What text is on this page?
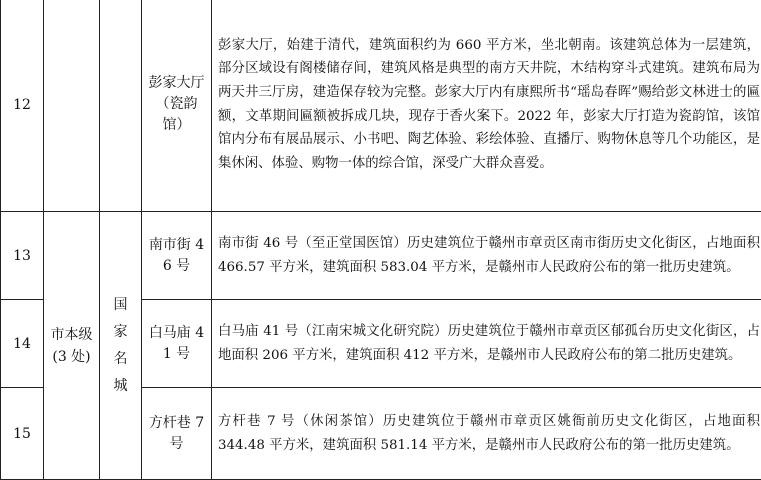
12			彭家大厅（瓷韵馆）	彭家大厅，始建于清代，建筑面积约为 660 平方米，坐北朝南。该建筑总体为一层建筑，部分区域设有阁楼储存间，建筑风格是典型的南方天井院，木结构穿斗式建筑。建筑布局为两天井三厅房，建造保存较为完整。彭家大厅内有康熙所书“瑶岛春晖”赐给彭文林进士的匾额，文革期间匾额被拆成几块，现存于香火案下。2022 年，彭家大厅打造为瓷韵馆，该馆馆内分布有展品展示、小书吧、陶艺体验、彩绘体验、直播厅、购物休息等几个功能区，是集休闲、体验、购物一体的综合馆，深受广大群众喜爱。
13	市本级(3 处)	国家名城	南市街 46 号	南市街 46 号（至正堂国医馆）历史建筑位于赣州市章贡区南市街历史文化街区，占地面积 466.57 平方米，建筑面积 583.04 平方米，是赣州市人民政府公布的第一批历史建筑。
14			白马庙 41 号	白马庙 41 号（江南宋城文化研究院）历史建筑位于赣州市章贡区郁孤台历史文化街区，占地面积 206 平方米，建筑面积 412 平方米，是赣州市人民政府公布的第二批历史建筑。
15			方杆巷 7 号	方杆巷 7 号（休闲茶馆）历史建筑位于赣州市章贡区姚衙前历史文化街区，占地面积 344.48 平方米，建筑面积 581.14 平方米，是赣州市人民政府公布的第一批历史建筑。
